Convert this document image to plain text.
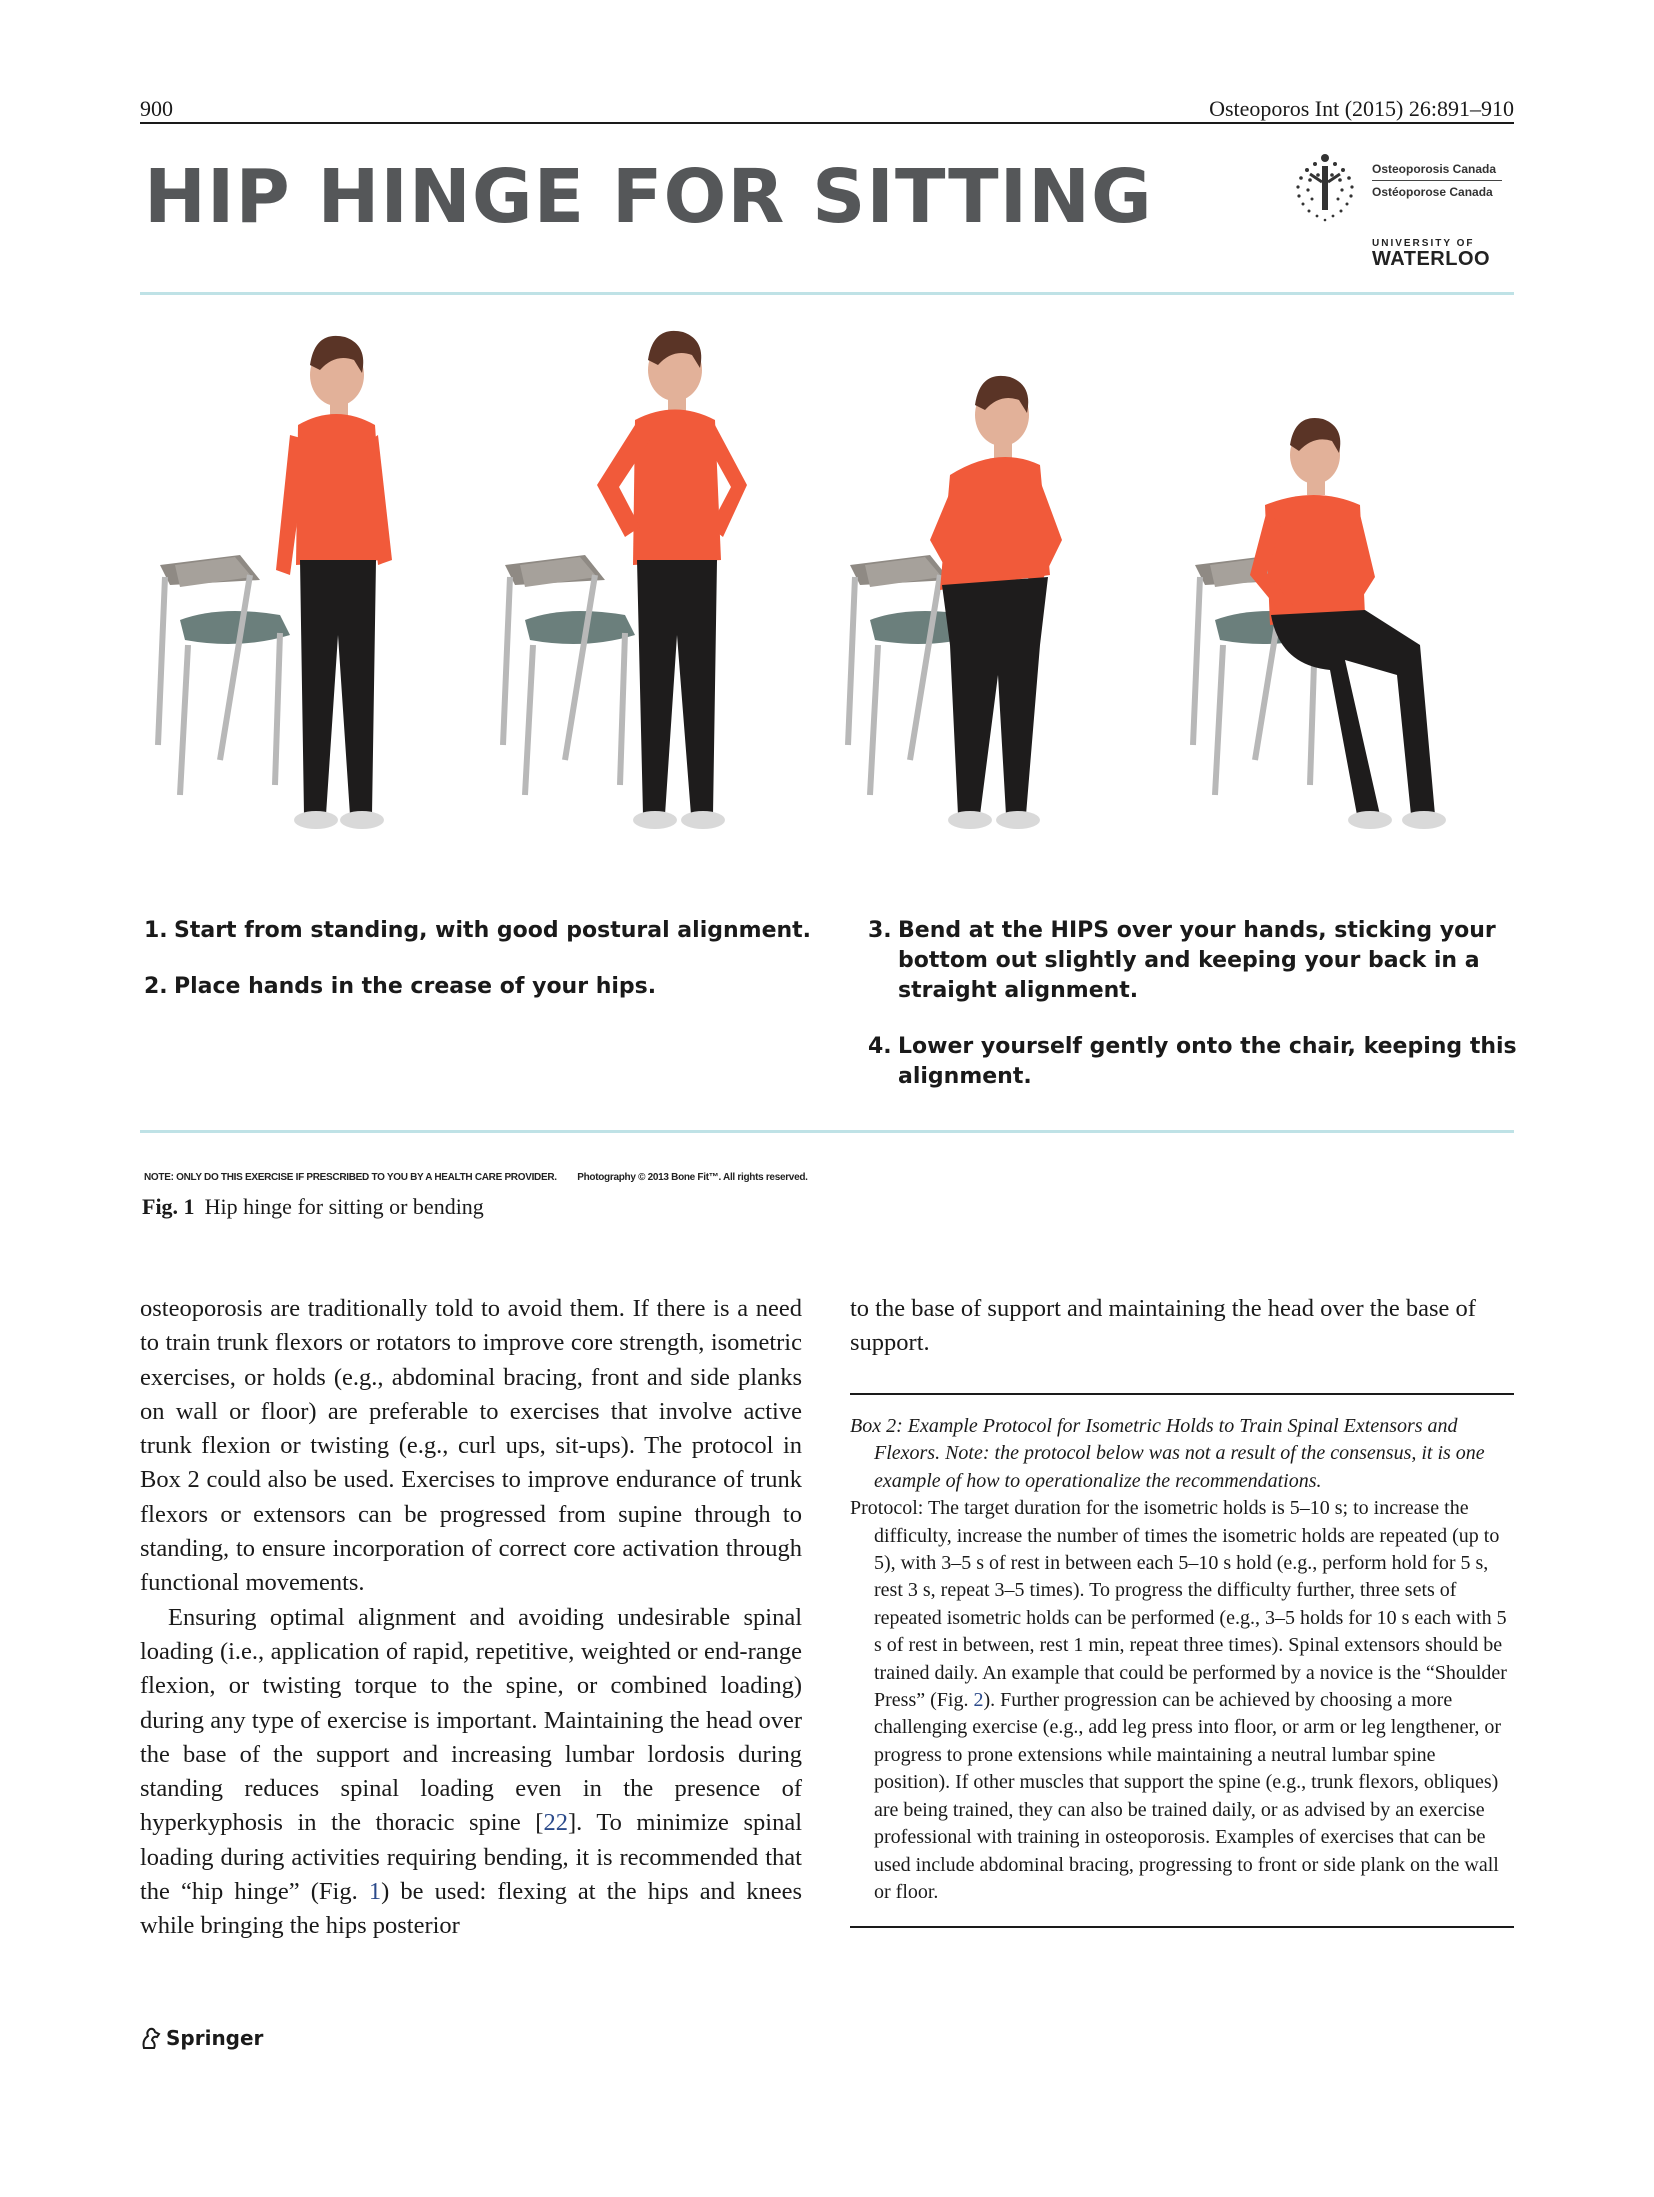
900	Osteoporos Int (2015) 26:891–910
HIP HINGE FOR SITTING	Osteoporosis Canada
Ostéoporose Canada
UNIVERSITY OF
WATERLOO
1. Start from standing, with good postural alignment.
2. Place hands in the crease of your hips.
3. Bend at the HIPS over your hands, sticking your bottom out slightly and keeping your back in a straight alignment.
4. Lower yourself gently onto the chair, keeping this alignment.
NOTE: ONLY DO THIS EXERCISE IF PRESCRIBED TO YOU BY A HEALTH CARE PROVIDER. Photography © 2013 Bone Fit™. All rights reserved.
Fig. 1 Hip hinge for sitting or bending

osteoporosis are traditionally told to avoid them. If there is a need to train trunk flexors or rotators to improve core strength, isometric exercises, or holds (e.g., abdominal bracing, front and side planks on wall or floor) are preferable to exercises that involve active trunk flexion or twisting (e.g., curl ups, sit-ups). The protocol in Box 2 could also be used. Exercises to improve endurance of trunk flexors or extensors can be progressed from supine through to standing, to ensure incorporation of correct core activation through functional movements.

Ensuring optimal alignment and avoiding undesirable spinal loading (i.e., application of rapid, repetitive, weighted or end-range flexion, or twisting torque to the spine, or combined loading) during any type of exercise is important. Maintaining the head over the base of the support and increasing lumbar lordosis during standing reduces spinal loading even in the presence of hyperkyphosis in the thoracic spine [22]. To minimize spinal loading during activities requiring bending, it is recommended that the “hip hinge” (Fig. 1) be used: flexing at the hips and knees while bringing the hips posterior

to the base of support and maintaining the head over the base of support.

Box 2: Example Protocol for Isometric Holds to Train Spinal Extensors and Flexors. Note: the protocol below was not a result of the consensus, it is one example of how to operationalize the recommendations.
Protocol: The target duration for the isometric holds is 5–10 s; to increase the difficulty, increase the number of times the isometric holds are repeated (up to 5), with 3–5 s of rest in between each 5–10 s hold (e.g., perform hold for 5 s, rest 3 s, repeat 3–5 times). To progress the difficulty further, three sets of repeated isometric holds can be performed (e.g., 3–5 holds for 10 s each with 5 s of rest in between, rest 1 min, repeat three times). Spinal extensors should be trained daily. An example that could be performed by a novice is the “Shoulder Press” (Fig. 2). Further progression can be achieved by choosing a more challenging exercise (e.g., add leg press into floor, or arm or leg lengthener, or progress to prone extensions while maintaining a neutral lumbar spine position). If other muscles that support the spine (e.g., trunk flexors, obliques) are being trained, they can also be trained daily, or as advised by an exercise professional with training in osteoporosis. Examples of exercises that can be used include abdominal bracing, progressing to front or side plank on the wall or floor.
Springer
